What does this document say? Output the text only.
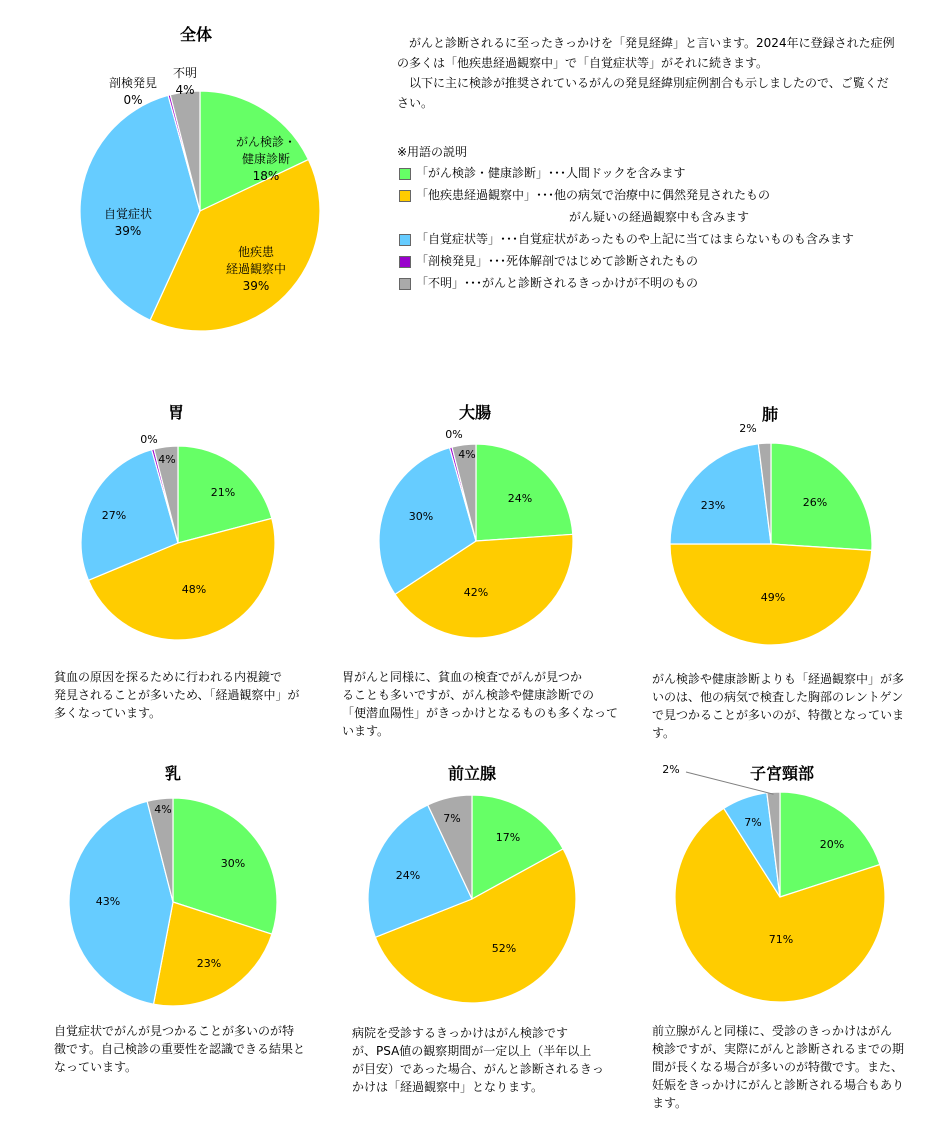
全体
がん検診・健康診断 18%
他疾患経過観察中 39%
自覚症状 39%
剖検発見 0%
不明 4%
胃
21%
48%
27%
0%
4%
大腸
24%
42%
30%
0%
4%
肺
26%
49%
23%
2%
乳
30%
23%
43%
4%
前立腺
17%
52%
24%
7%
子宮頸部
20%
71%
7%
2%

がんと診断されるに至ったきっかけを「発見経緯」と言います。2024年に登録された症例の多くは「他疾患経過観察中」で「自覚症状等」がそれに続きます。

以下に主に検診が推奨されているがんの発見経緯別症例割合も示しましたので、ご覧ください。

※用語の説明
「がん検診・健康診断」･･･人間ドックを含みます
「他疾患経過観察中」･･･他の病気で治療中に偶然発見されたもの
がん疑いの経過観察中も含みます
「自覚症状等」･･･自覚症状があったものや上記に当てはまらないものも含みます
「剖検発見」･･･死体解剖ではじめて診断されたもの
「不明」･･･がんと診断されるきっかけが不明のもの
貧血の原因を探るために行われる内視鏡で
発見されることが多いため、「経過観察中」が
多くなっています。
胃がんと同様に、貧血の検査でがんが見つか
ることも多いですが、がん検診や健康診断での
「便潜血陽性」がきっかけとなるものも多くなって
います。
がん検診や健康診断よりも「経過観察中」が多
いのは、他の病気で検査した胸部のレントゲン
で見つかることが多いのが、特徴となっていま
す。
自覚症状でがんが見つかることが多いのが特
徴です。自己検診の重要性を認識できる結果と
なっています。
病院を受診するきっかけはがん検診です
が、PSA値の観察期間が一定以上（半年以上
が目安）であった場合、がんと診断されるきっ
かけは「経過観察中」となります。
前立腺がんと同様に、受診のきっかけはがん
検診ですが、実際にがんと診断されるまでの期
間が長くなる場合が多いのが特徴です。また、
妊娠をきっかけにがんと診断される場合もあり
ます。
